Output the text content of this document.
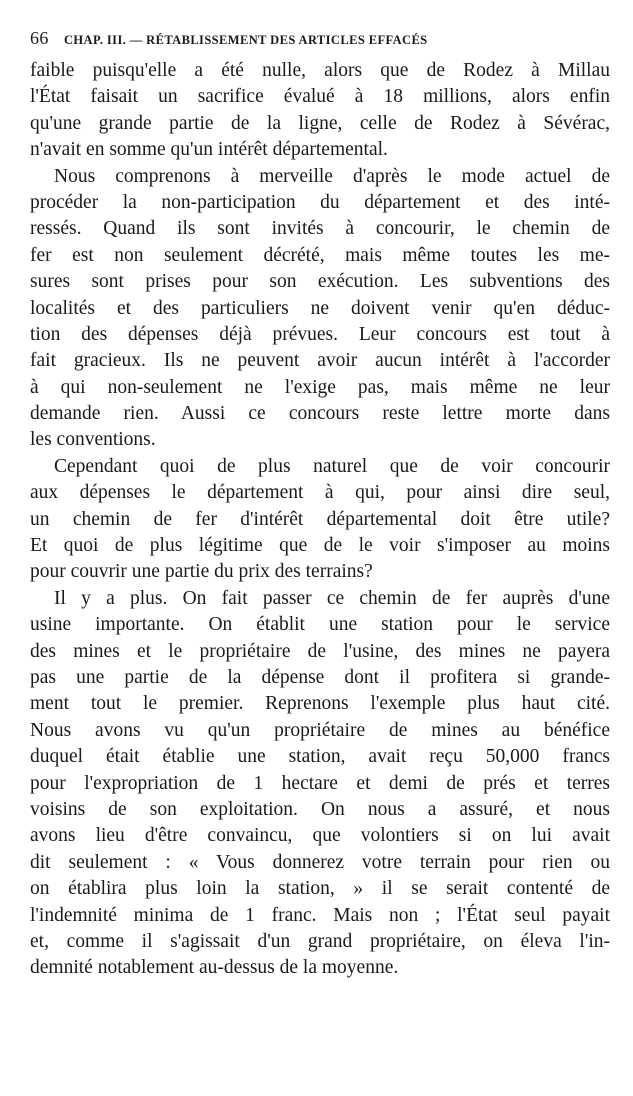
66 CHAP. III. — RÉTABLISSEMENT DES ARTICLES EFFACÉS
faible puisqu'elle a été nulle, alors que de Rodez à Millau
l'État faisait un sacrifice évalué à 18 millions, alors enfin
qu'une grande partie de la ligne, celle de Rodez à Sévérac,
n'avait en somme qu'un intérêt départemental.
Nous comprenons à merveille d'après le mode actuel de
procéder la non-participation du département et des inté-
ressés. Quand ils sont invités à concourir, le chemin de
fer est non seulement décrété, mais même toutes les me-
sures sont prises pour son exécution. Les subventions des
localités et des particuliers ne doivent venir qu'en déduc-
tion des dépenses déjà prévues. Leur concours est tout à
fait gracieux. Ils ne peuvent avoir aucun intérêt à l'accorder
à qui non-seulement ne l'exige pas, mais même ne leur
demande rien. Aussi ce concours reste lettre morte dans
les conventions.
Cependant quoi de plus naturel que de voir concourir
aux dépenses le département à qui, pour ainsi dire seul,
un chemin de fer d'intérêt départemental doit être utile?
Et quoi de plus légitime que de le voir s'imposer au moins
pour couvrir une partie du prix des terrains?
Il y a plus. On fait passer ce chemin de fer auprès d'une
usine importante. On établit une station pour le service
des mines et le propriétaire de l'usine, des mines ne payera
pas une partie de la dépense dont il profitera si grande-
ment tout le premier. Reprenons l'exemple plus haut cité.
Nous avons vu qu'un propriétaire de mines au bénéfice
duquel était établie une station, avait reçu 50,000 francs
pour l'expropriation de 1 hectare et demi de prés et terres
voisins de son exploitation. On nous a assuré, et nous
avons lieu d'être convaincu, que volontiers si on lui avait
dit seulement : « Vous donnerez votre terrain pour rien ou
on établira plus loin la station, » il se serait contenté de
l'indemnité minima de 1 franc. Mais non ; l'État seul payait
et, comme il s'agissait d'un grand propriétaire, on éleva l'in-
demnité notablement au-dessus de la moyenne.
